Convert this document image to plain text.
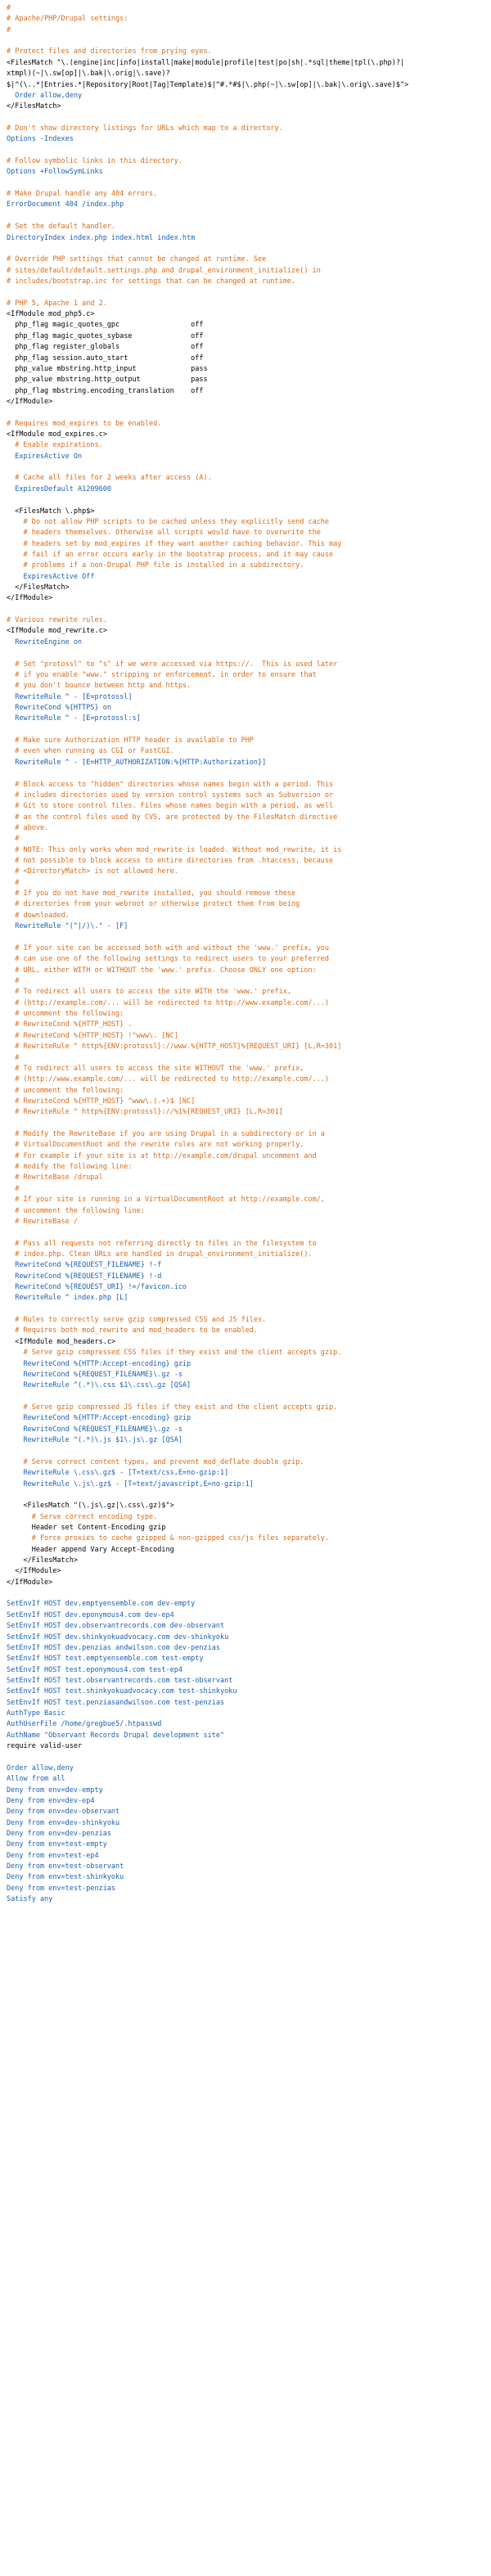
#
# Apache/PHP/Drupal settings:
#
# Protect files and directories from prying eyes.
<FilesMatch "\.(engine|inc|info|install|make|module|profile|test|po|sh|.*sql|theme|tpl(\.php)?|
xtmpl)(~|\.sw[op]|\.bak|\.orig|\.save)?
$|^(\..*|Entries.*|Repository|Root|Tag|Template)$|^#.*#$|\.php(~|\.sw[op]|\.bak|\.orig\.save)$">
Order allow,deny
</FilesMatch>
# Don't show directory listings for URLs which map to a directory.
Options -Indexes
# Follow symbolic links in this directory.
Options +FollowSymLinks
# Make Drupal handle any 404 errors.
ErrorDocument 404 /index.php
# Set the default handler.
DirectoryIndex index.php index.html index.htm
# Override PHP settings that cannot be changed at runtime. See
# sites/default/default.settings.php and drupal_environment_initialize() in
# includes/bootstrap.inc for settings that can be changed at runtime.
# PHP 5, Apache 1 and 2.
<IfModule mod_php5.c>
php_flag magic_quotes_gpc                 off
php_flag magic_quotes_sybase              off
php_flag register_globals                 off
php_flag session.auto_start               off
php_value mbstring.http_input             pass
php_value mbstring.http_output            pass
php_flag mbstring.encoding_translation    off
</IfModule>
# Requires mod_expires to be enabled.
<IfModule mod_expires.c>
# Enable expirations.
ExpiresActive On
# Cache all files for 2 weeks after access (A).
ExpiresDefault A1209600
<FilesMatch \.php$>
# Do not allow PHP scripts to be cached unless they explicitly send cache
# headers themselves. Otherwise all scripts would have to overwrite the
# headers set by mod_expires if they want another caching behavior. This may
# fail if an error occurs early in the bootstrap process, and it may cause
# problems if a non-Drupal PHP file is installed in a subdirectory.
ExpiresActive Off
</FilesMatch>
</IfModule>
# Various rewrite rules.
<IfModule mod_rewrite.c>
RewriteEngine on
# Set "protossl" to "s" if we were accessed via https://.  This is used later
# if you enable "www." stripping or enforcement, in order to ensure that
# you don't bounce between http and https.
RewriteRule ^ - [E=protossl]
RewriteCond %{HTTPS} on
RewriteRule ^ - [E=protossl:s]
# Make sure Authorization HTTP header is available to PHP
# even when running as CGI or FastCGI.
RewriteRule ^ - [E=HTTP_AUTHORIZATION:%{HTTP:Authorization}]
# Block access to "hidden" directories whose names begin with a period. This
# includes directories used by version control systems such as Subversion or
# Git to store control files. Files whose names begin with a period, as well
# as the control files used by CVS, are protected by the FilesMatch directive
# above.
#
# NOTE: This only works when mod_rewrite is loaded. Without mod_rewrite, it is
# not possible to block access to entire directories from .htaccess, because
# <DirectoryMatch> is not allowed here.
#
# If you do not have mod_rewrite installed, you should remove these
# directories from your webroot or otherwise protect them from being
# downloaded.
RewriteRule "(^|/)\." - [F]
# If your site can be accessed both with and without the 'www.' prefix, you
# can use one of the following settings to redirect users to your preferred
# URL, either WITH or WITHOUT the 'www.' prefix. Choose ONLY one option:
#
# To redirect all users to access the site WITH the 'www.' prefix,
# (http://example.com/... will be redirected to http://www.example.com/...)
# uncomment the following:
# RewriteCond %{HTTP_HOST} .
# RewriteCond %{HTTP_HOST} !^www\. [NC]
# RewriteRule ^ http%{ENV:protossl}://www.%{HTTP_HOST}%{REQUEST_URI} [L,R=301]
#
# To redirect all users to access the site WITHOUT the 'www.' prefix,
# (http://www.example.com/... will be redirected to http://example.com/...)
# uncomment the following:
# RewriteCond %{HTTP_HOST} ^www\.(.+)$ [NC]
# RewriteRule ^ http%{ENV:protossl}://%1%{REQUEST_URI} [L,R=301]
# Modify the RewriteBase if you are using Drupal in a subdirectory or in a
# VirtualDocumentRoot and the rewrite rules are not working properly.
# For example if your site is at http://example.com/drupal uncomment and
# modify the following line:
# RewriteBase /drupal
#
# If your site is running in a VirtualDocumentRoot at http://example.com/,
# uncomment the following line:
# RewriteBase /
# Pass all requests not referring directly to files in the filesystem to
# index.php. Clean URLs are handled in drupal_environment_initialize().
RewriteCond %{REQUEST_FILENAME} !-f
RewriteCond %{REQUEST_FILENAME} !-d
RewriteCond %{REQUEST_URI} !=/favicon.ico
RewriteRule ^ index.php [L]
# Rules to correctly serve gzip compressed CSS and JS files.
# Requires both mod_rewrite and mod_headers to be enabled.
<IfModule mod_headers.c>
# Serve gzip compressed CSS files if they exist and the client accepts gzip.
RewriteCond %{HTTP:Accept-encoding} gzip
RewriteCond %{REQUEST_FILENAME}\.gz -s
RewriteRule ^(.*)\.css $1\.css\.gz [QSA]
# Serve gzip compressed JS files if they exist and the client accepts gzip.
RewriteCond %{HTTP:Accept-encoding} gzip
RewriteCond %{REQUEST_FILENAME}\.gz -s
RewriteRule ^(.*)\.js $1\.js\.gz [QSA]
# Serve correct content types, and prevent mod_deflate double gzip.
RewriteRule \.css\.gz$ - [T=text/css,E=no-gzip:1]
RewriteRule \.js\.gz$ - [T=text/javascript,E=no-gzip:1]
<FilesMatch "(\.js\.gz|\.css\.gz)$">
# Serve correct encoding type.
Header set Content-Encoding gzip
# Force proxies to cache gzipped & non-gzipped css/js files separately.
Header append Vary Accept-Encoding
</FilesMatch>
</IfModule>
</IfModule>
SetEnvIf HOST dev.emptyensemble.com dev-empty
SetEnvIf HOST dev.eponymous4.com dev-ep4
SetEnvIf HOST dev.observantrecords.com dev-observant
SetEnvIf HOST dev.shinkyokuadvocacy.com dev-shinkyoku
SetEnvIf HOST dev.penzias andwilson.com dev-penzias
SetEnvIf HOST test.emptyensemble.com test-empty
SetEnvIf HOST test.eponymous4.com test-ep4
SetEnvIf HOST test.observantrecords.com test-observant
SetEnvIf HOST test.shinkyokuadvocacy.com test-shinkyoku
SetEnvIf HOST test.penziasandwilson.com test-penzias
AuthType Basic
AuthUserFile /home/gregbue5/.htpasswd
AuthName "Observant Records Drupal development site"
require valid-user
Order allow,deny
Allow from all
Deny from env=dev-empty
Deny from env=dev-ep4
Deny from env=dev-observant
Deny from env=dev-shinkyoku
Deny from env=dev-penzias
Deny from env=test-empty
Deny from env=test-ep4
Deny from env=test-observant
Deny from env=test-shinkyoku
Deny from env=test-penzias
Satisfy any
